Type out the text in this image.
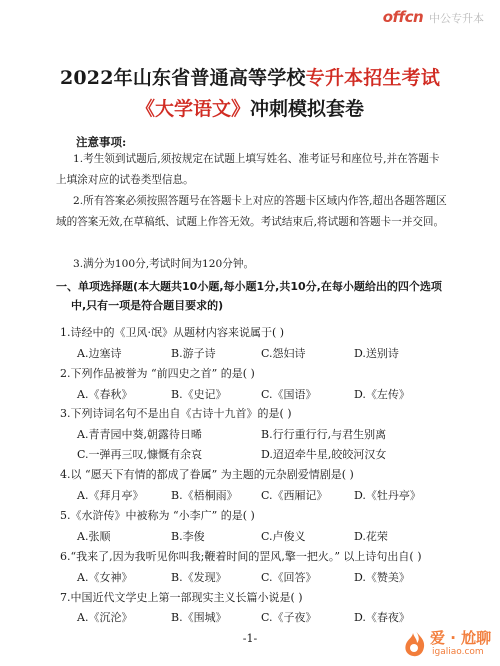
offcn 中公专升本
2022年山东省普通高等学校专升本招生考试
《大学语文》冲刺模拟套卷
注意事项:
1.考生领到试题后,须按规定在试题上填写姓名、准考证号和座位号,并在答题卡上填涂对应的试卷类型信息。
2.所有答案必须按照答题号在答题卡上对应的答题卡区域内作答,超出各题答题区域的答案无效,在草稿纸、试题上作答无效。考试结束后,将试题和答题卡一并交回。
3.满分为100分,考试时间为120分钟。
一、单项选择题(本大题共10小题,每小题1分,共10分,在每小题给出的四个选项
中,只有一项是符合题目要求的)
1.诗经中的《卫风·氓》从题材内容来说属于( )
A.边塞诗	B.游子诗	C.怨妇诗	D.送别诗
2.下列作品被誉为 “前四史之首” 的是( )
A.《春秋》	B.《史记》	C.《国语》	D.《左传》
3.下列诗词名句不是出自《古诗十九首》的是( )
A.青青园中葵,朝露待日晞	B.行行重行行,与君生别离
C.一弹再三叹,慷慨有余哀	D.迢迢牵牛星,皎皎河汉女
4.以 “愿天下有情的都成了眷属” 为主题的元杂剧爱情剧是( )
A.《拜月亭》	B.《梧桐雨》 C.《西厢记》 D.《牡丹亭》
5.《水浒传》中被称为 “小李广” 的是( )
A.张顺	B.李俊	C.卢俊义	D.花荣
6.“我来了,因为我听见你叫我;鞭着时间的罡风,擎一把火。” 以上诗句出自( )
A.《女神》	B.《发现》	C.《回答》	D.《赞美》
7.中国近代文学史上第一部现实主义长篇小说是( )
A.《沉沦》	B.《围城》	C.《子夜》	D.《春夜》
-1-	爱 · 尬聊
igaliao.com
